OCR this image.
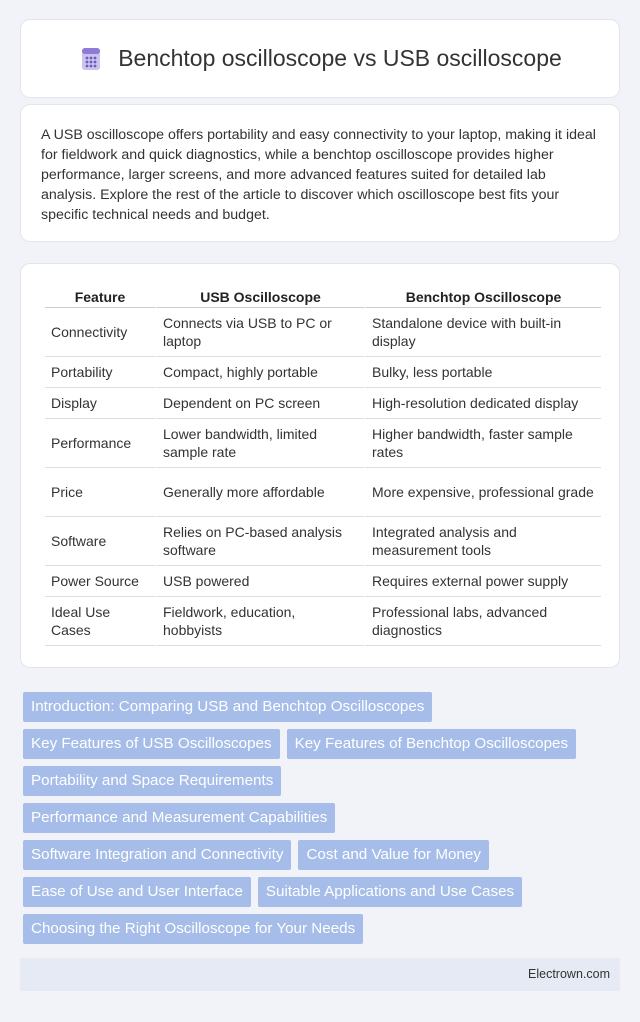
Benchtop oscilloscope vs USB oscilloscope

A USB oscilloscope offers portability and easy connectivity to your laptop, making it ideal for fieldwork and quick diagnostics, while a benchtop oscilloscope provides higher performance, larger screens, and more advanced features suited for detailed lab analysis. Explore the rest of the article to discover which oscilloscope best fits your specific technical needs and budget.

Feature	USB Oscilloscope	Benchtop Oscilloscope
Connectivity	Connects via USB to PC or laptop	Standalone device with built-in display
Portability	Compact, highly portable	Bulky, less portable
Display	Dependent on PC screen	High-resolution dedicated display
Performance	Lower bandwidth, limited sample rate	Higher bandwidth, faster sample rates
Price	Generally more affordable	More expensive, professional grade
Software	Relies on PC-based analysis software	Integrated analysis and measurement tools
Power Source	USB powered	Requires external power supply
Ideal Use Cases	Fieldwork, education, hobbyists	Professional labs, advanced diagnostics
Introduction: Comparing USB and Benchtop Oscilloscopes
Key Features of USB Oscilloscopes	Key Features of Benchtop Oscilloscopes
Portability and Space Requirements
Performance and Measurement Capabilities
Software Integration and Connectivity	Cost and Value for Money
Ease of Use and User Interface	Suitable Applications and Use Cases
Choosing the Right Oscilloscope for Your Needs
Electrown.com
